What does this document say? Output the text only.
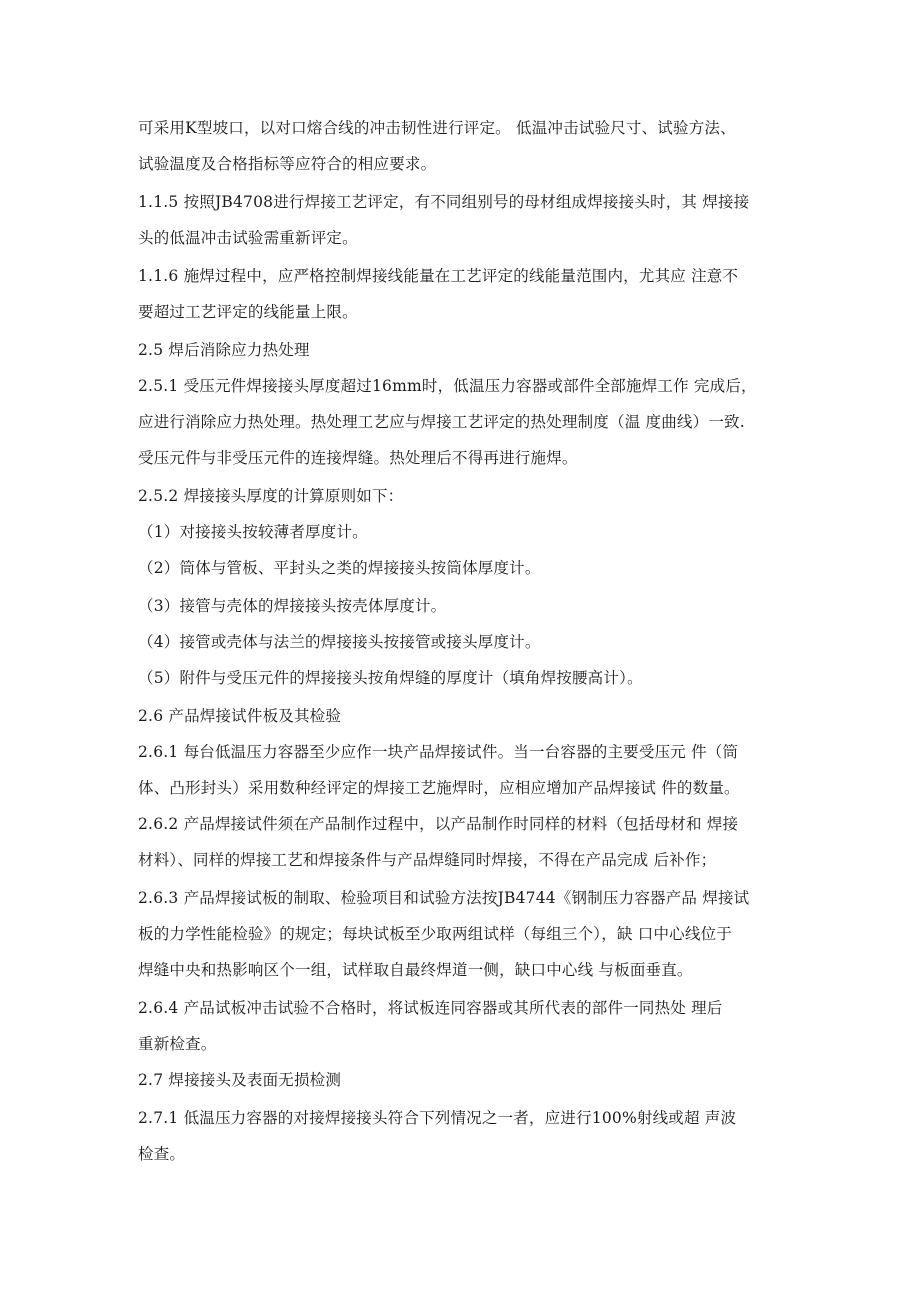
可采用K型坡口，以对口熔合线的冲击韧性进行评定。 低温冲击试验尺寸、试验方法、

试验温度及合格指标等应符合的相应要求。

1.1.5 按照JB4708进行焊接工艺评定，有不同组别号的母材组成焊接接头时，其 焊接接

头的低温冲击试验需重新评定。

1.1.6 施焊过程中，应严格控制焊接线能量在工艺评定的线能量范围内，尤其应 注意不

要超过工艺评定的线能量上限。

2.5 焊后消除应力热处理

2.5.1 受压元件焊接接头厚度超过16mm时，低温压力容器或部件全部施焊工作 完成后，

应进行消除应力热处理。热处理工艺应与焊接工艺评定的热处理制度（温 度曲线）一致.

受压元件与非受压元件的连接焊缝。热处理后不得再进行施焊。

2.5.2 焊接接头厚度的计算原则如下：

（1）对接接头按较薄者厚度计。

（2）筒体与管板、平封头之类的焊接接头按筒体厚度计。

（3）接管与壳体的焊接接头按壳体厚度计。

（4）接管或壳体与法兰的焊接接头按接管或接头厚度计。

（5）附件与受压元件的焊接接头按角焊缝的厚度计（填角焊按腰高计）。

2.6 产品焊接试件板及其检验

2.6.1 每台低温压力容器至少应作一块产品焊接试件。当一台容器的主要受压元 件（筒

体、凸形封头）采用数种经评定的焊接工艺施焊时，应相应增加产品焊接试 件的数量。

2.6.2 产品焊接试件须在产品制作过程中，以产品制作时同样的材料（包括母材和 焊接

材料）、同样的焊接工艺和焊接条件与产品焊缝同时焊接，不得在产品完成 后补作；

2.6.3 产品焊接试板的制取、检验项目和试验方法按JB4744《钢制压力容器产品 焊接试

板的力学性能检验》的规定；每块试板至少取两组试样（每组三个），缺 口中心线位于

焊缝中央和热影响区个一组，试样取自最终焊道一侧，缺口中心线 与板面垂直。

2.6.4 产品试板冲击试验不合格时，将试板连同容器或其所代表的部件一同热处 理后

重新检查。

2.7 焊接接头及表面无损检测

2.7.1 低温压力容器的对接焊接接头符合下列情况之一者，应进行100%射线或超 声波

检查。
